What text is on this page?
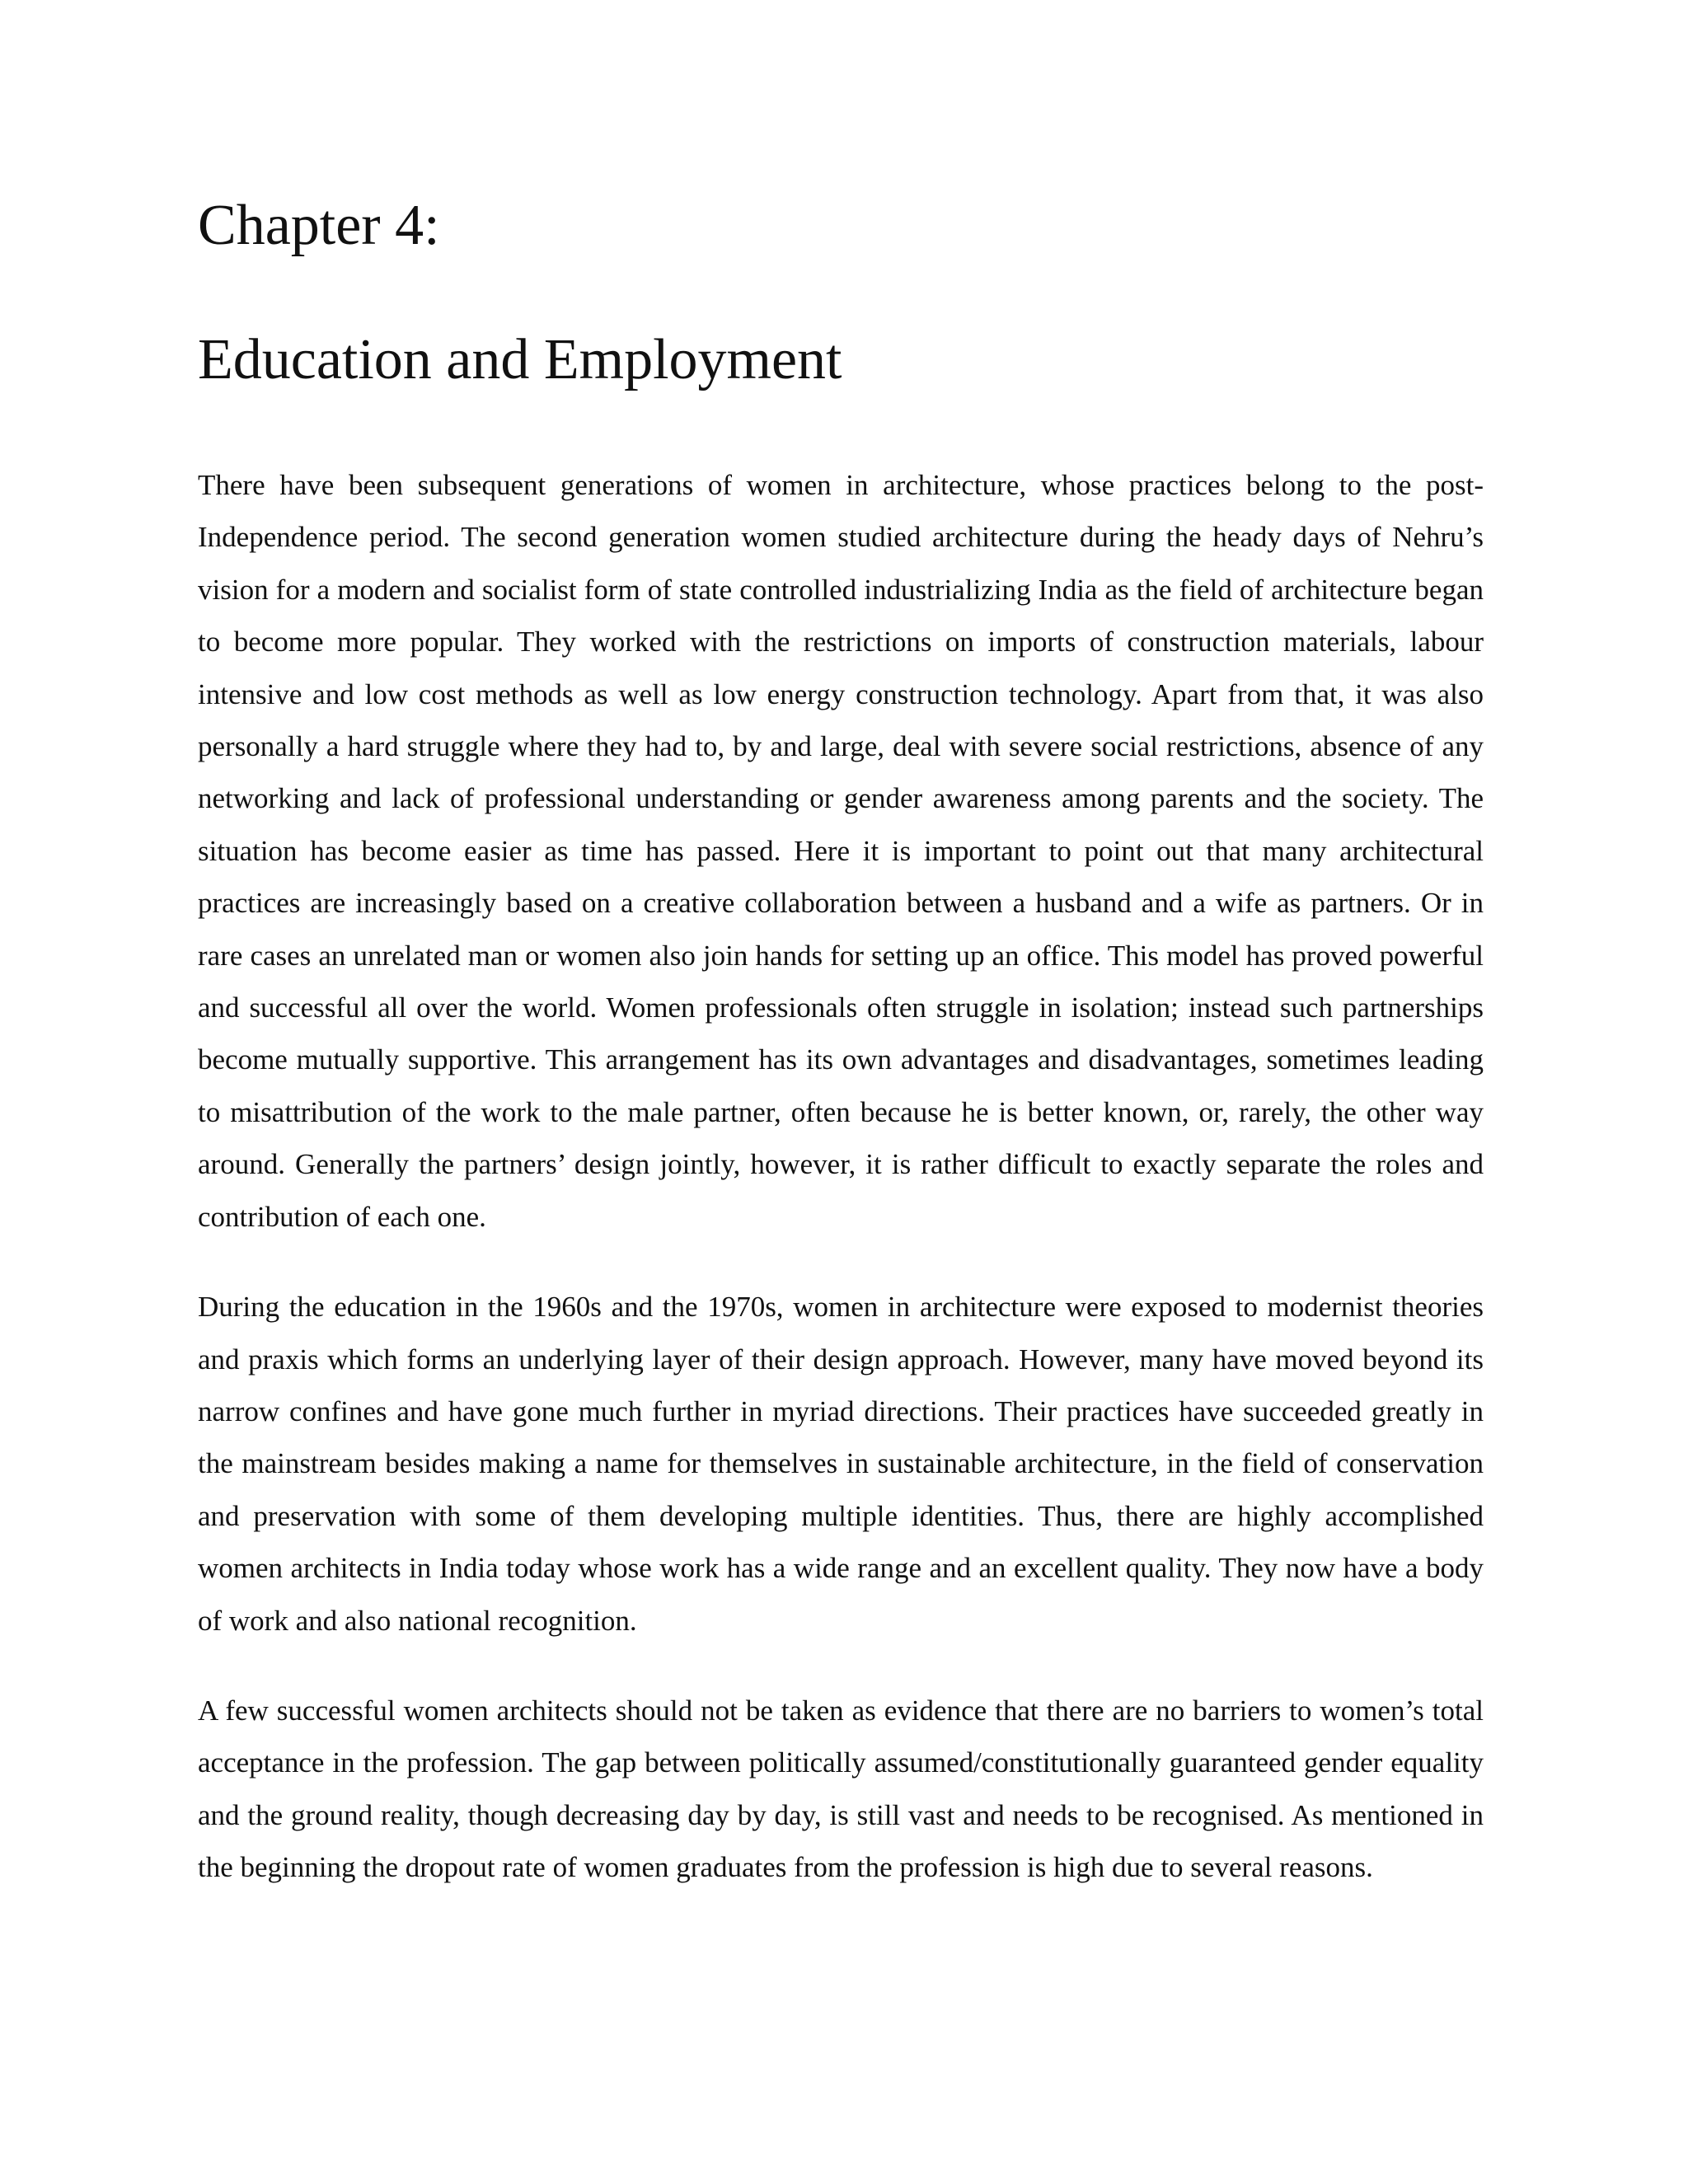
Chapter 4:
Education and Employment

There have been subsequent generations of women in architecture, whose practices belong to the post-Independence period. The second generation women studied architecture during the heady days of Nehru’s vision for a modern and socialist form of state controlled industrializing India as the field of architecture began to become more popular. They worked with the restrictions on imports of construction materials, labour intensive and low cost methods as well as low energy construction technology. Apart from that, it was also personally a hard struggle where they had to, by and large, deal with severe social restrictions, absence of any networking and lack of professional understanding or gender awareness among parents and the society. The situation has become easier as time has passed. Here it is important to point out that many architectural practices are increasingly based on a creative collaboration between a husband and a wife as partners. Or in rare cases an unrelated man or women also join hands for setting up an office. This model has proved powerful and successful all over the world. Women professionals often struggle in isolation; instead such partnerships become mutually supportive. This arrangement has its own advantages and disadvantages, sometimes leading to misattribution of the work to the male partner, often because he is better known, or, rarely, the other way around. Generally the partners’ design jointly, however, it is rather difficult to exactly separate the roles and contribution of each one.

During the education in the 1960s and the 1970s, women in architecture were exposed to modernist theories and praxis which forms an underlying layer of their design approach. However, many have moved beyond its narrow confines and have gone much further in myriad directions. Their practices have succeeded greatly in the mainstream besides making a name for themselves in sustainable architecture, in the field of conservation and preservation with some of them developing multiple identities. Thus, there are highly accomplished women architects in India today whose work has a wide range and an excellent quality. They now have a body of work and also national recognition.

A few successful women architects should not be taken as evidence that there are no barriers to women’s total acceptance in the profession. The gap between politically assumed/constitutionally guaranteed gender equality and the ground reality, though decreasing day by day, is still vast and needs to be recognised. As mentioned in the beginning the dropout rate of women graduates from the profession is high due to several reasons.
